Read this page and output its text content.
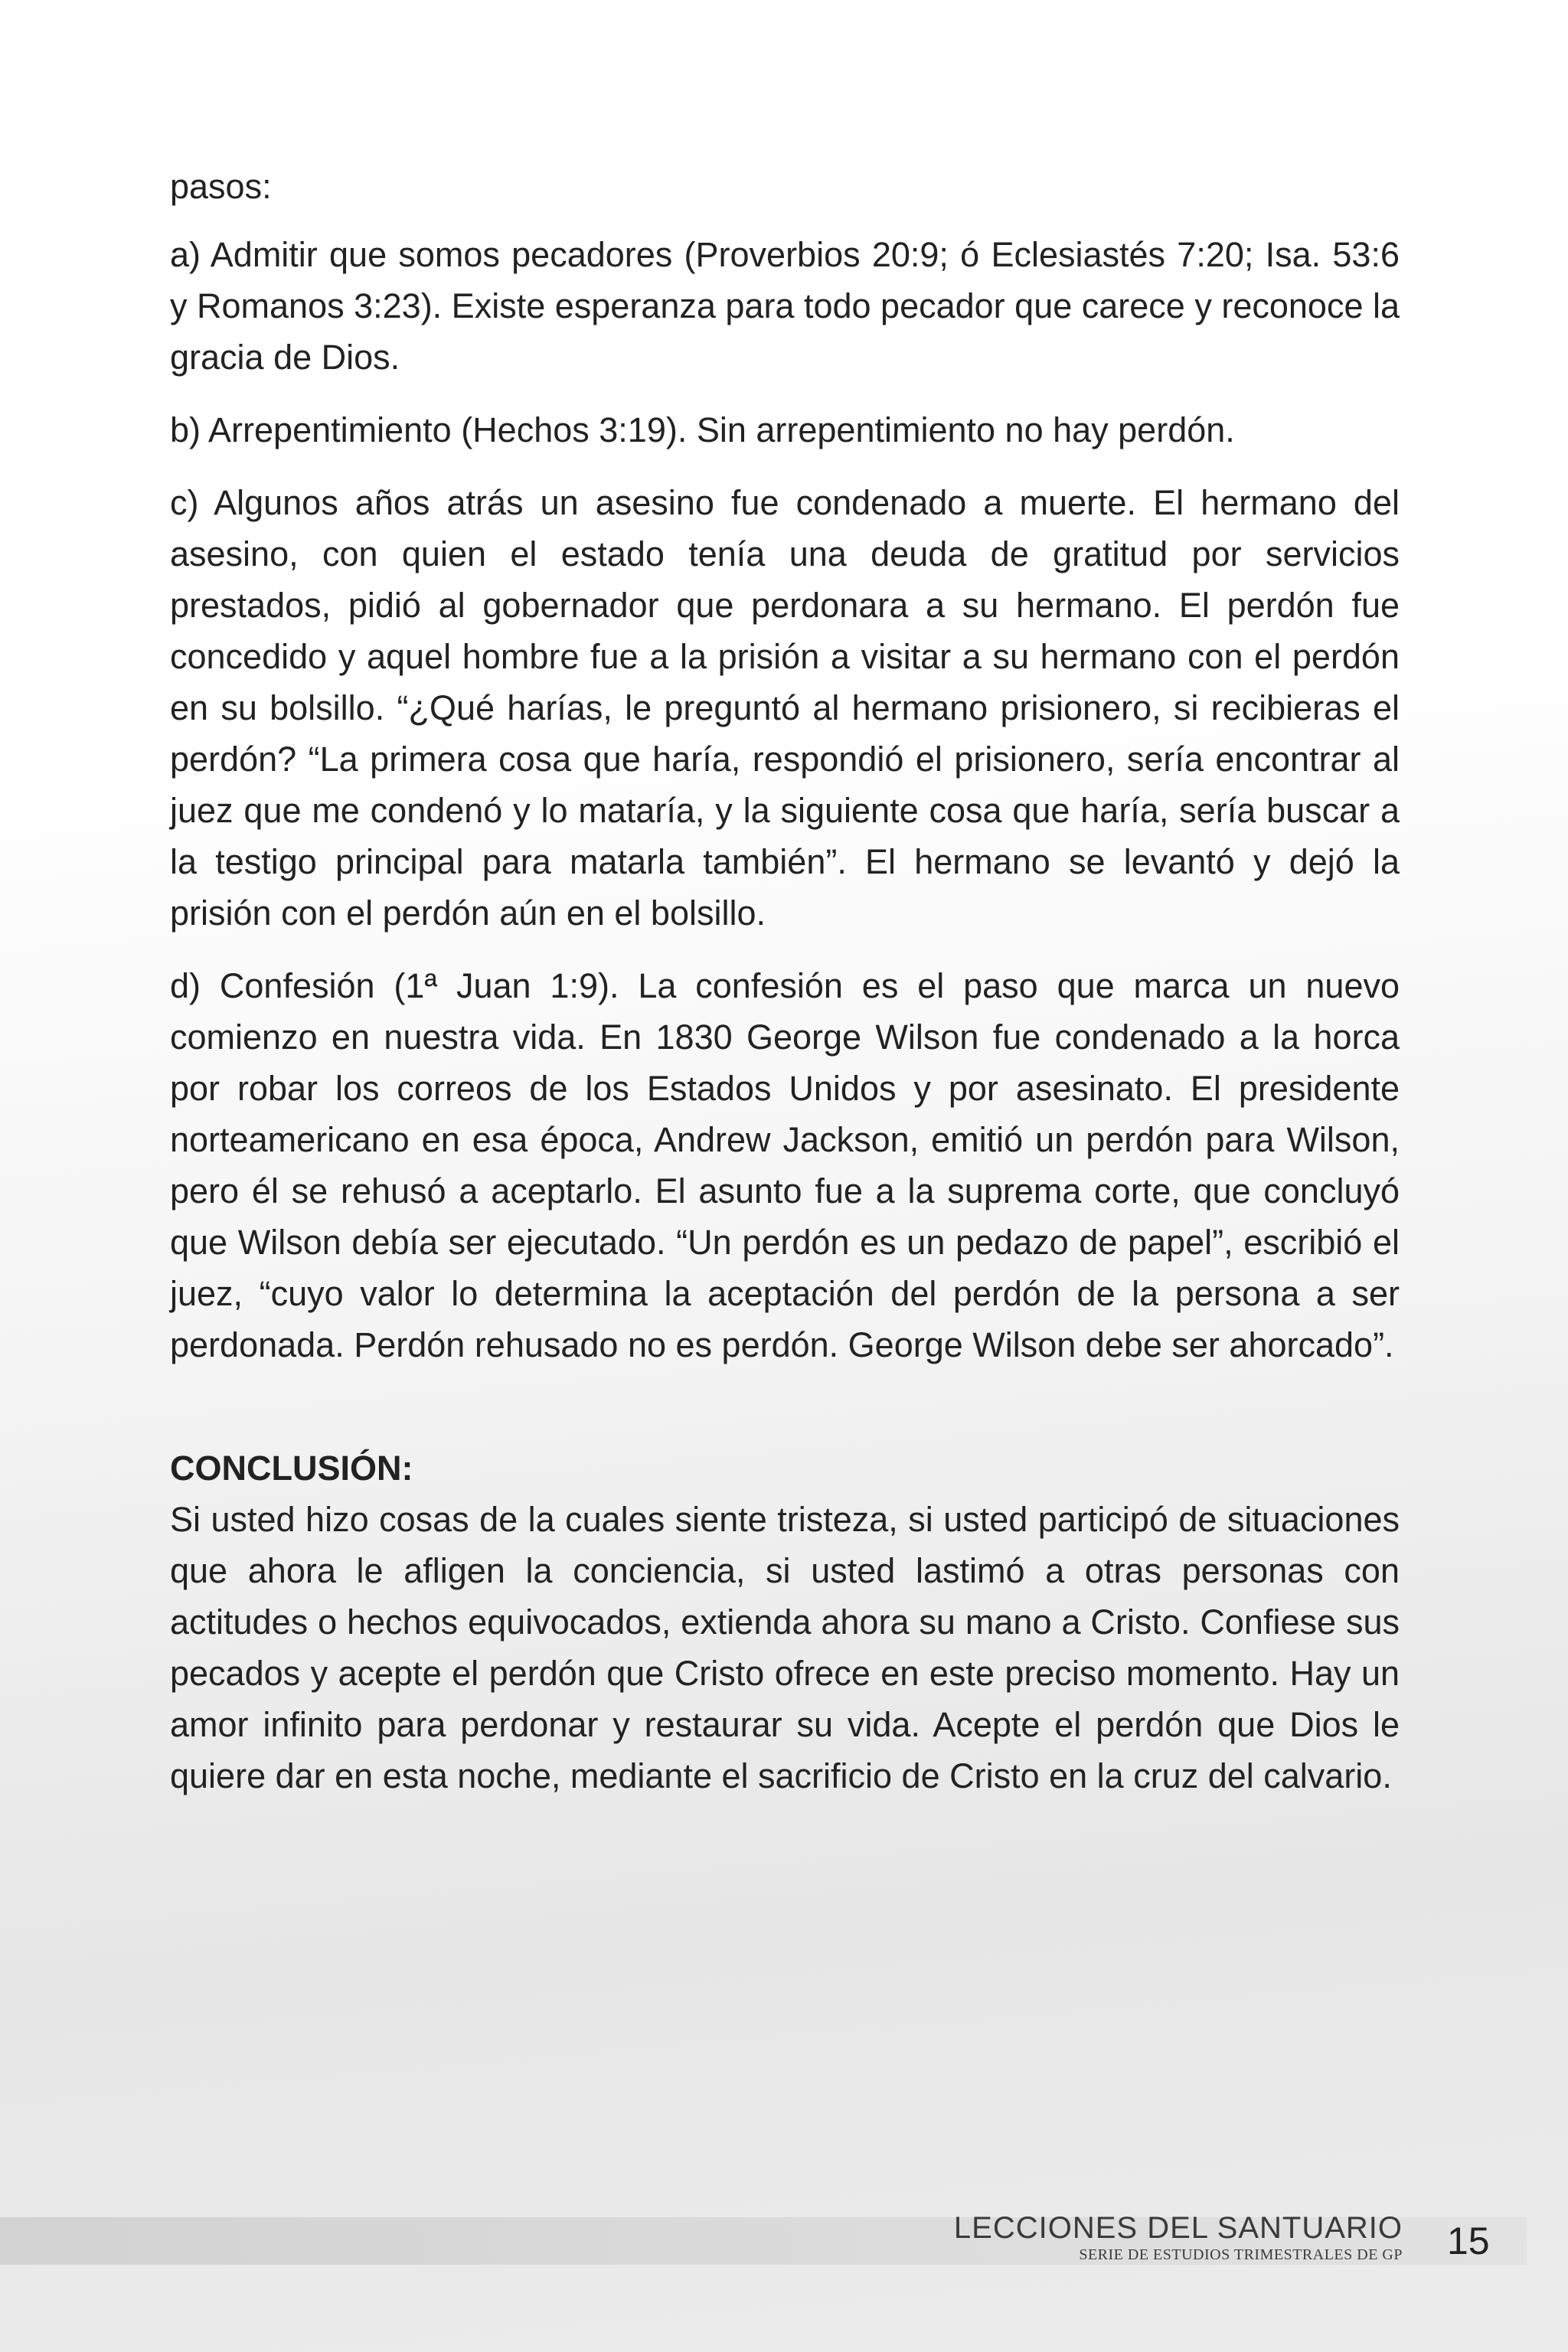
pasos:

a) Admitir que somos pecadores (Proverbios 20:9; ó Eclesiastés 7:20; Isa. 53:6 y Romanos 3:23). Existe esperanza para todo pecador que carece y reconoce la gracia de Dios.

b) Arrepentimiento (Hechos 3:19). Sin arrepentimiento no hay perdón.

c) Algunos años atrás un asesino fue condenado a muerte. El hermano del asesino, con quien el estado tenía una deuda de gratitud por servicios prestados, pidió al gobernador que perdonara a su hermano. El perdón fue concedido y aquel hombre fue a la prisión a visitar a su hermano con el perdón en su bolsillo. “¿Qué harías, le preguntó al hermano prisionero, si recibieras el perdón? “La primera cosa que haría, respondió el prisionero, sería encontrar al juez que me condenó y lo mataría, y la siguiente cosa que haría, sería buscar a la testigo principal para matarla también”. El hermano se levantó y dejó la prisión con el perdón aún en el bolsillo.

d) Confesión (1ª Juan 1:9). La confesión es el paso que marca un nuevo comienzo en nuestra vida. En 1830 George Wilson fue condenado a la horca por robar los correos de los Estados Unidos y por asesinato. El presidente norteamericano en esa época, Andrew Jackson, emitió un perdón para Wilson, pero él se rehusó a aceptarlo. El asunto fue a la suprema corte, que concluyó que Wilson debía ser ejecutado. “Un perdón es un pedazo de papel”, escribió el juez, “cuyo valor lo determina la aceptación del perdón de la persona a ser perdonada. Perdón rehusado no es perdón. George Wilson debe ser ahorcado”.

CONCLUSIÓN:

Si usted hizo cosas de la cuales siente tristeza, si usted participó de situaciones que ahora le afligen la conciencia, si usted lastimó a otras personas con actitudes o hechos equivocados, extienda ahora su mano a Cristo. Confiese sus pecados y acepte el perdón que Cristo ofrece en este preciso momento. Hay un amor infinito para perdonar y restaurar su vida. Acepte el perdón que Dios le quiere dar en esta noche, mediante el sacrificio de Cristo en la cruz del calvario.

LECCIONES DEL SANTUARIO
SERIE DE ESTUDIOS TRIMESTRALES DE GP 15
